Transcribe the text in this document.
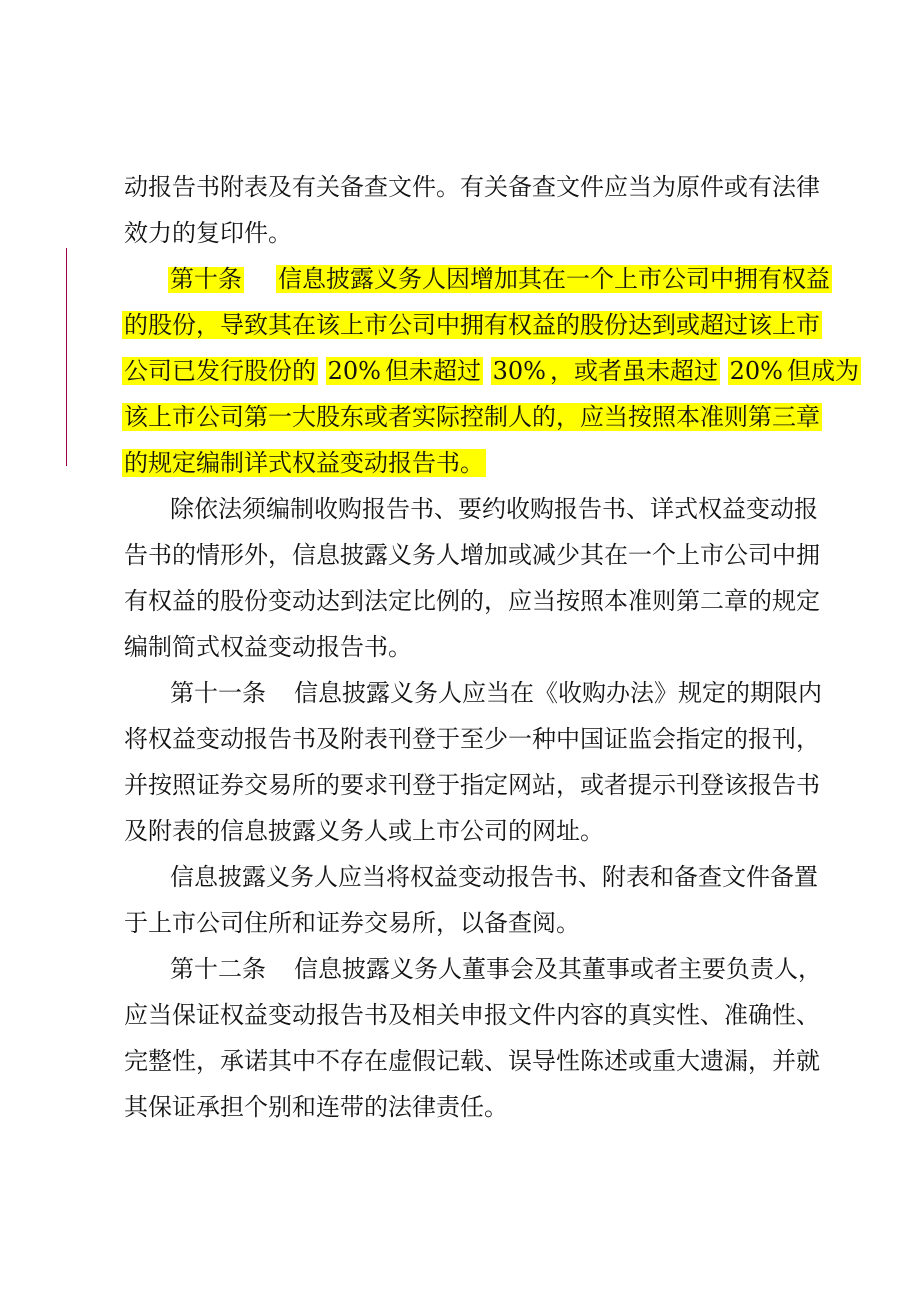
动报告书附表及有关备查文件。有关备查文件应当为原件或有法律
效力的复印件。
第十条 信息披露义务人因增加其在一个上市公司中拥有权益
的股份，导致其在该上市公司中拥有权益的股份达到或超过该上市
公司已发行股份的 20% 但未超过 30% ，或者虽未超过 20% 但成为
该上市公司第一大股东或者实际控制人的，应当按照本准则第三章
的规定编制详式权益变动报告书。
除依法须编制收购报告书、要约收购报告书、详式权益变动报
告书的情形外，信息披露义务人增加或减少其在一个上市公司中拥
有权益的股份变动达到法定比例的，应当按照本准则第二章的规定
编制简式权益变动报告书。
第十一条 信息披露义务人应当在《收购办法》规定的期限内
将权益变动报告书及附表刊登于至少一种中国证监会指定的报刊，
并按照证券交易所的要求刊登于指定网站，或者提示刊登该报告书
及附表的信息披露义务人或上市公司的网址。
信息披露义务人应当将权益变动报告书、附表和备查文件备置
于上市公司住所和证券交易所，以备查阅。
第十二条 信息披露义务人董事会及其董事或者主要负责人，
应当保证权益变动报告书及相关申报文件内容的真实性、准确性、
完整性，承诺其中不存在虚假记载、误导性陈述或重大遗漏，并就
其保证承担个别和连带的法律责任。
